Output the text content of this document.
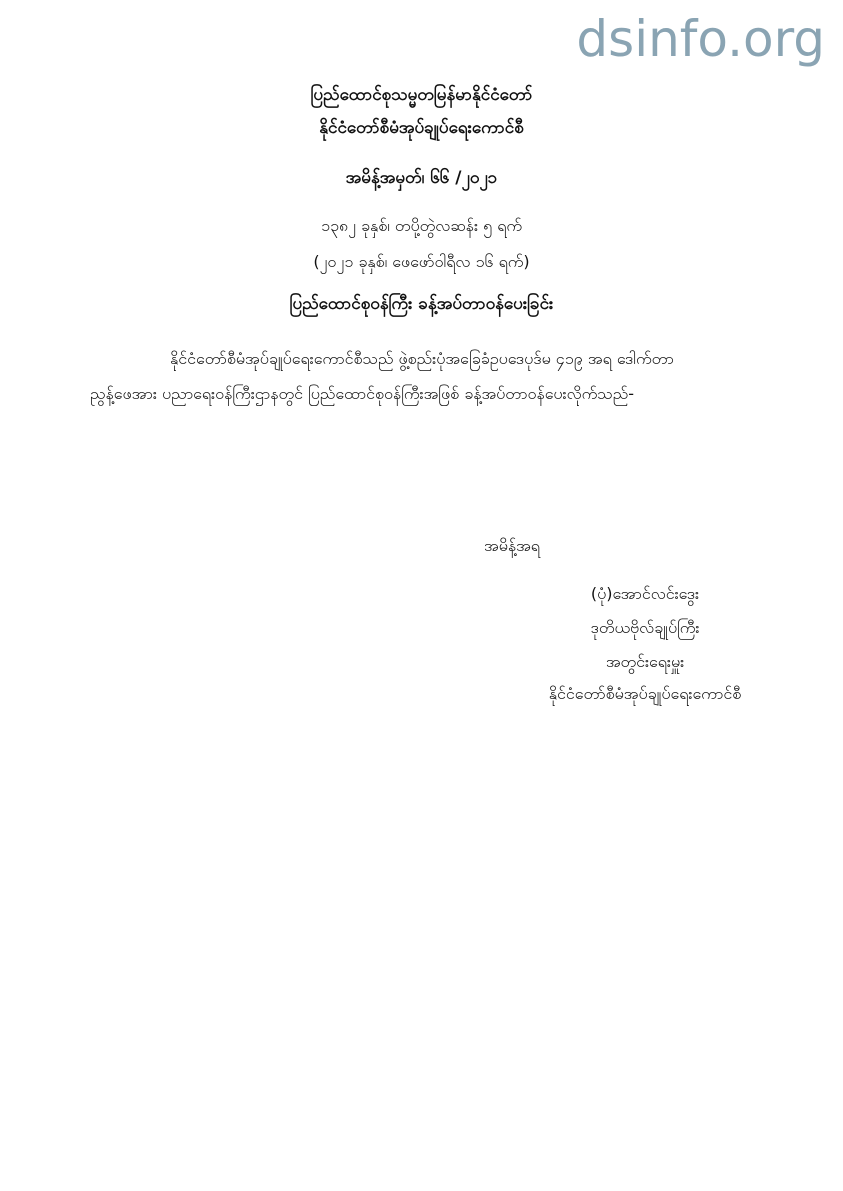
dsinfo.org
ပြည်ထောင်စုသမ္မတမြန်မာနိုင်ငံတော်
နိုင်ငံတော်စီမံအုပ်ချုပ်ရေးကောင်စီ
အမိန့်အမှတ်၊ ၆၆ /၂၀၂၁
၁၃၈၂ ခုနှစ်၊ တပို့တွဲလဆန်း ၅ ရက်
(၂၀၂၁ ခုနှစ်၊ ဖေဖော်ဝါရီလ ၁၆ ရက်)
ပြည်ထောင်စုဝန်ကြီး ခန့်အပ်တာဝန်ပေးခြင်း
နိုင်ငံတော်စီမံအုပ်ချုပ်ရေးကောင်စီသည် ဖွဲ့စည်းပုံအခြေခံဥပဒေပုဒ်မ ၄၁၉ အရ ဒေါက်တာ
ညွန့်ဖေအား ပညာရေးဝန်ကြီးဌာနတွင် ပြည်ထောင်စုဝန်ကြီးအဖြစ် ခန့်အပ်တာဝန်ပေးလိုက်သည်-
အမိန့်အရ
(ပုံ)အောင်လင်းဒွေး
ဒုတိယဗိုလ်ချုပ်ကြီး
အတွင်းရေးမှူး
နိုင်ငံတော်စီမံအုပ်ချုပ်ရေးကောင်စီ
